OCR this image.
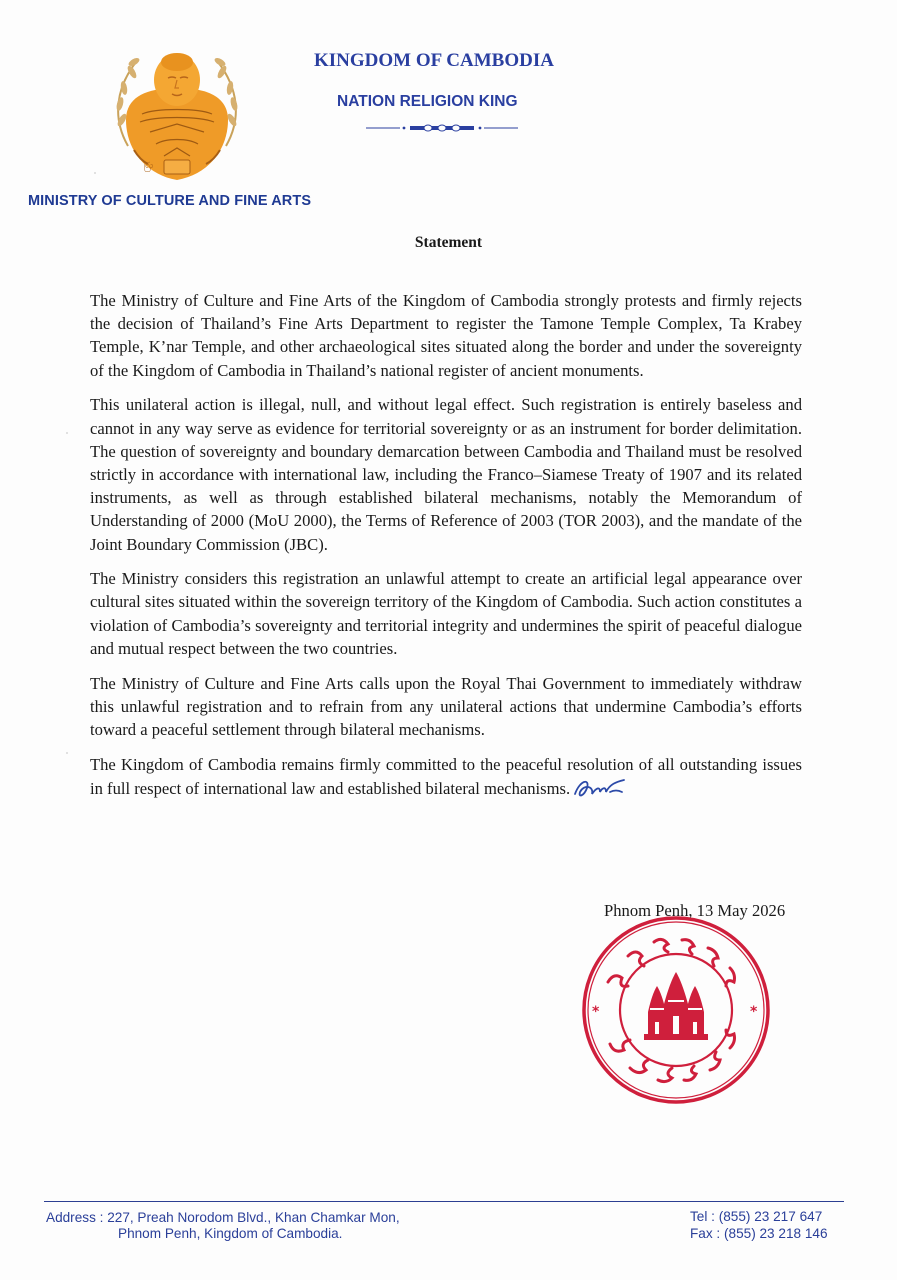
ꩺ
MINISTRY OF CULTURE AND FINE ARTS
KINGDOM OF CAMBODIA
NATION RELIGION KING
Statement

The Ministry of Culture and Fine Arts of the Kingdom of Cambodia strongly protests and firmly rejects the decision of Thailand’s Fine Arts Department to register the Tamone Temple Complex, Ta Krabey Temple, K’nar Temple, and other archaeological sites situated along the border and under the sovereignty of the Kingdom of Cambodia in Thailand’s national register of ancient monuments.

This unilateral action is illegal, null, and without legal effect. Such registration is entirely baseless and cannot in any way serve as evidence for territorial sovereignty or as an instrument for border delimitation. The question of sovereignty and boundary demarcation between Cambodia and Thailand must be resolved strictly in accordance with international law, including the Franco–Siamese Treaty of 1907 and its related instruments, as well as through established bilateral mechanisms, notably the Memorandum of Understanding of 2000 (MoU 2000), the Terms of Reference of 2003 (TOR 2003), and the mandate of the Joint Boundary Commission (JBC).

The Ministry considers this registration an unlawful attempt to create an artificial legal appearance over cultural sites situated within the sovereign territory of the Kingdom of Cambodia. Such action constitutes a violation of Cambodia’s sovereignty and territorial integrity and undermines the spirit of peaceful dialogue and mutual respect between the two countries.

The Ministry of Culture and Fine Arts calls upon the Royal Thai Government to immediately withdraw this unlawful registration and to refrain from any unilateral actions that undermine Cambodia’s efforts toward a peaceful settlement through bilateral mechanisms.

The Kingdom of Cambodia remains firmly committed to the peaceful resolution of all outstanding issues in full respect of international law and established bilateral mechanisms.

Phnom Penh, 13 May 2026
*	*
Address : 227, Preah Norodom Blvd., Khan Chamkar Mon,
Phnom Penh, Kingdom of Cambodia.
Tel : (855) 23 217 647
Fax : (855) 23 218 146
